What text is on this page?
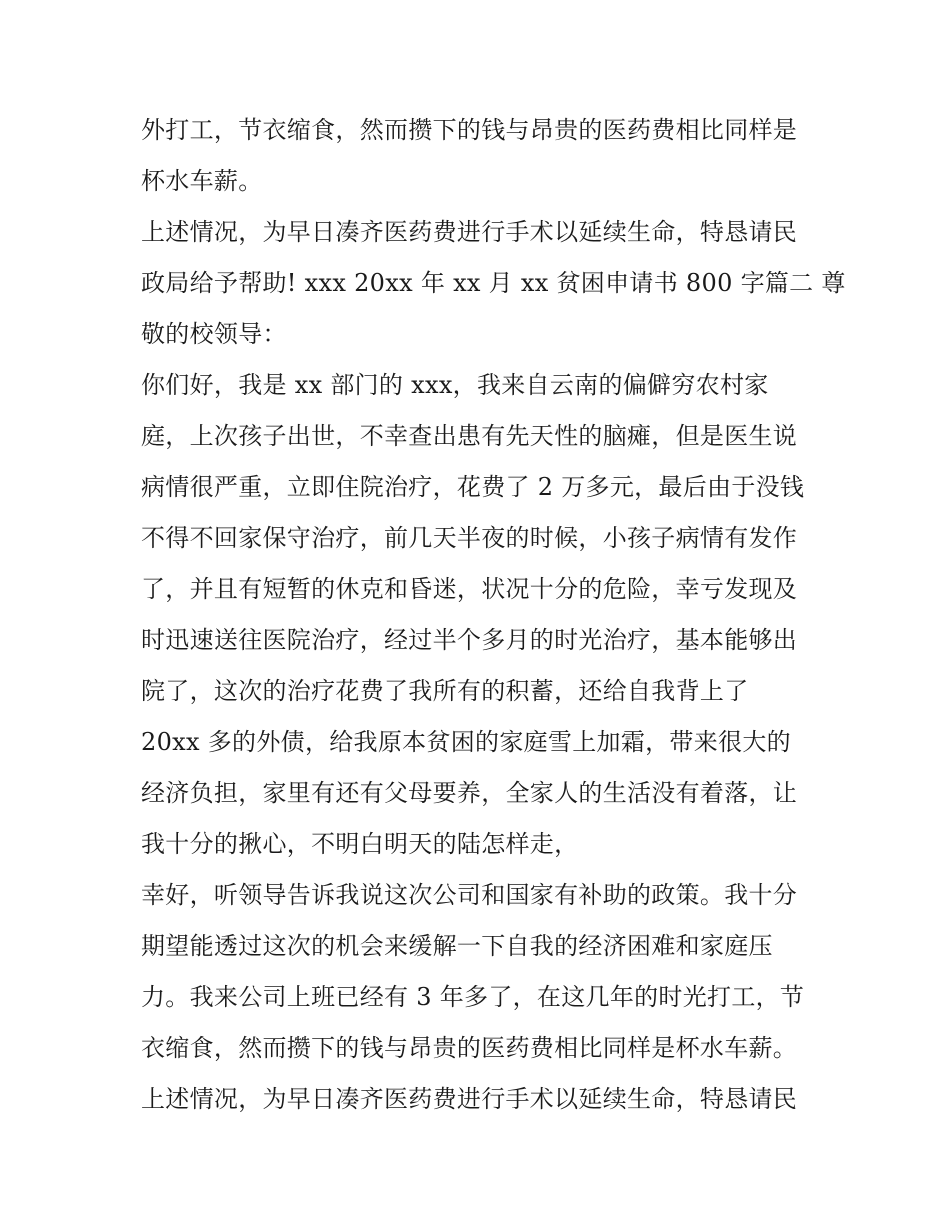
外打工，节衣缩食，然而攒下的钱与昂贵的医药费相比同样是
杯水车薪。
上述情况，为早日凑齐医药费进行手术以延续生命，特恳请民
政局给予帮助! xxx 20xx 年 xx 月 xx 贫困申请书 800 字篇二 尊
敬的校领导：
你们好，我是 xx 部门的 xxx，我来自云南的偏僻穷农村家
庭，上次孩子出世，不幸查出患有先天性的脑瘫，但是医生说
病情很严重，立即住院治疗，花费了 2 万多元，最后由于没钱
不得不回家保守治疗，前几天半夜的时候，小孩子病情有发作
了，并且有短暂的休克和昏迷，状况十分的危险，幸亏发现及
时迅速送往医院治疗，经过半个多月的时光治疗，基本能够出
院了，这次的治疗花费了我所有的积蓄，还给自我背上了
20xx 多的外债，给我原本贫困的家庭雪上加霜，带来很大的
经济负担，家里有还有父母要养，全家人的生活没有着落，让
我十分的揪心，不明白明天的陆怎样走，
幸好，听领导告诉我说这次公司和国家有补助的政策。我十分
期望能透过这次的机会来缓解一下自我的经济困难和家庭压
力。我来公司上班已经有 3 年多了，在这几年的时光打工，节
衣缩食，然而攒下的钱与昂贵的医药费相比同样是杯水车薪。
上述情况，为早日凑齐医药费进行手术以延续生命，特恳请民
